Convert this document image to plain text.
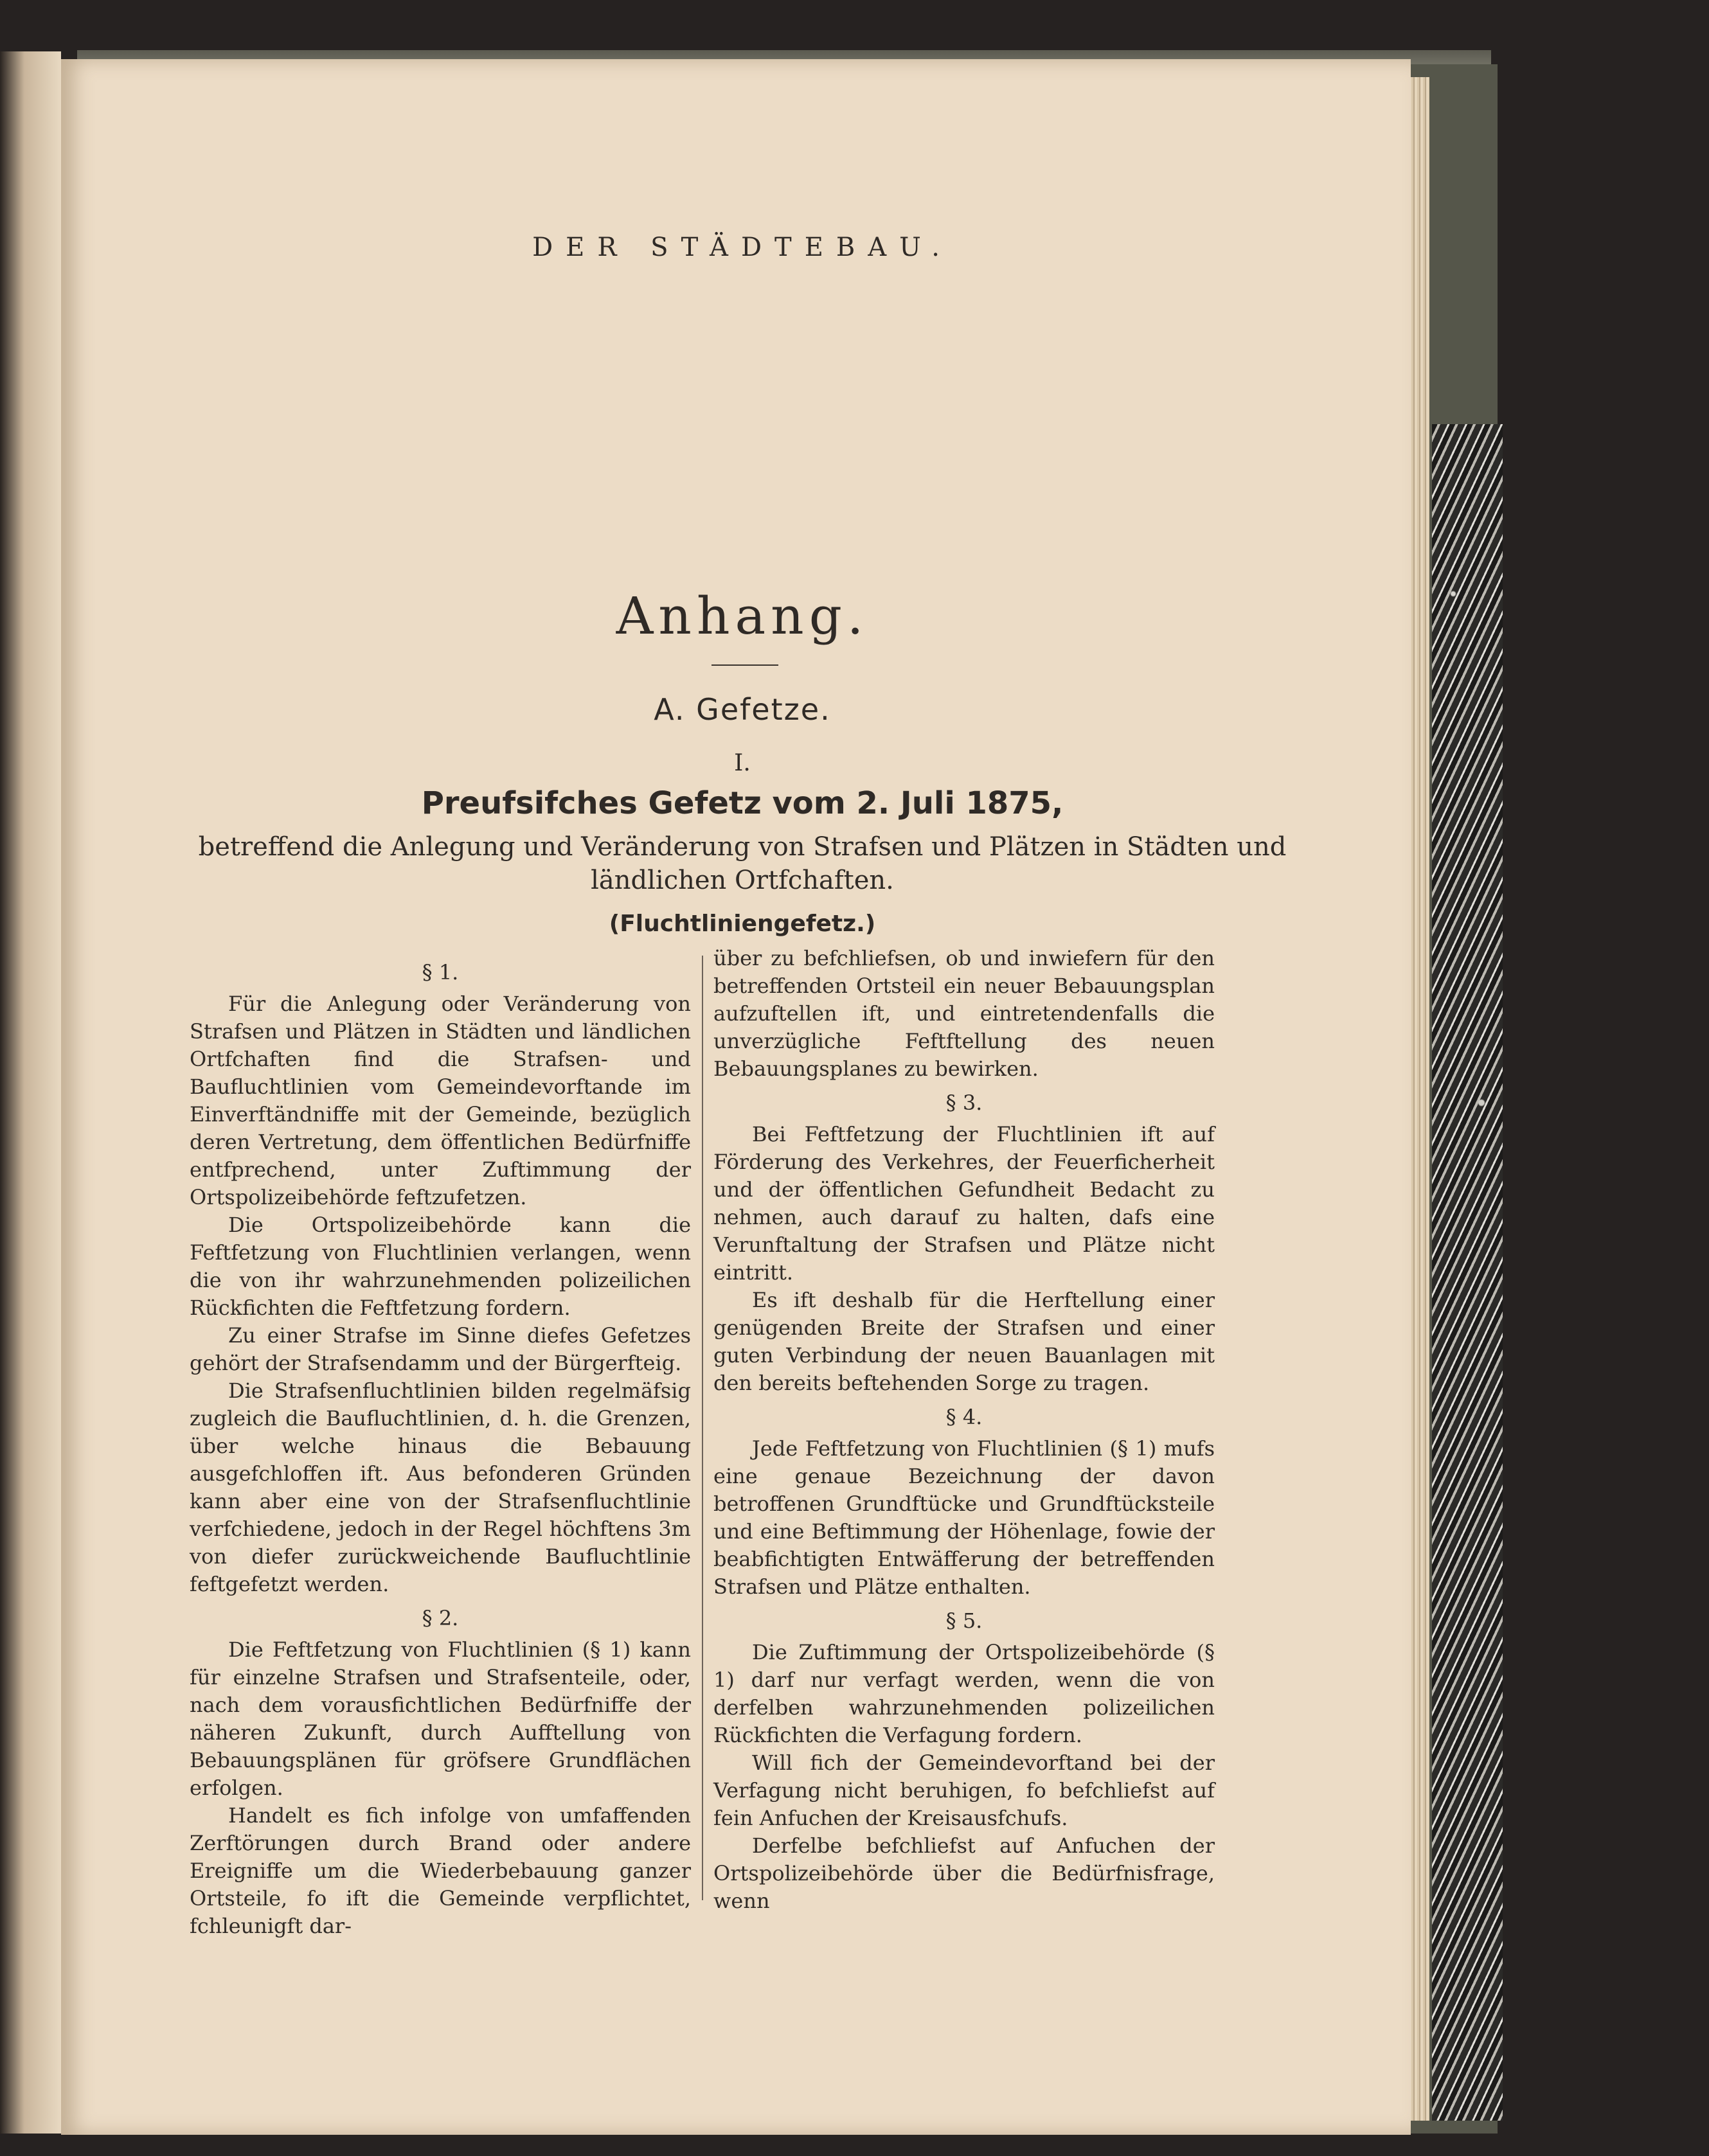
DER STÄDTEBAU.
Anhang.
A. Gefetze.
I.
Preufsifches Gefetz vom 2. Juli 1875,
betreffend die Anlegung und Veränderung von Strafsen und Plätzen in Städten und ländlichen Ortfchaften.
(Fluchtliniengefetz.)
§ 1.

Für die Anlegung oder Veränderung von Strafsen und Plätzen in Städten und ländlichen Ortfchaften find die Strafsen- und Baufluchtlinien vom Gemeindevorftande im Einverftändniffe mit der Gemeinde, bezüglich deren Vertretung, dem öffentlichen Bedürfniffe entfprechend, unter Zuftimmung der Ortspolizeibehörde feftzufetzen.

Die Ortspolizeibehörde kann die Feftfetzung von Fluchtlinien verlangen, wenn die von ihr wahrzunehmenden polizeilichen Rückfichten die Feftfetzung fordern.

Zu einer Strafse im Sinne diefes Gefetzes gehört der Strafsendamm und der Bürgerfteig.

Die Strafsenfluchtlinien bilden regelmäfsig zugleich die Baufluchtlinien, d. h. die Grenzen, über welche hinaus die Bebauung ausgefchloffen ift. Aus befonderen Gründen kann aber eine von der Strafsenfluchtlinie verfchiedene, jedoch in der Regel höchftens 3m von diefer zurückweichende Baufluchtlinie feftgefetzt werden.

§ 2.

Die Feftfetzung von Fluchtlinien (§ 1) kann für einzelne Strafsen und Strafsenteile, oder, nach dem vorausfichtlichen Bedürfniffe der näheren Zukunft, durch Aufftellung von Bebauungsplänen für gröfsere Grundflächen erfolgen.

Handelt es fich infolge von umfaffenden Zerftörungen durch Brand oder andere Ereigniffe um die Wiederbebauung ganzer Ortsteile, fo ift die Gemeinde verpflichtet, fchleunigft dar-

über zu befchliefsen, ob und inwiefern für den betreffenden Ortsteil ein neuer Bebauungsplan aufzuftellen ift, und eintretendenfalls die unverzügliche Feftftellung des neuen Bebauungsplanes zu bewirken.

§ 3.

Bei Feftfetzung der Fluchtlinien ift auf Förderung des Verkehres, der Feuerficherheit und der öffentlichen Gefundheit Bedacht zu nehmen, auch darauf zu halten, dafs eine Verunftaltung der Strafsen und Plätze nicht eintritt.

Es ift deshalb für die Herftellung einer genügenden Breite der Strafsen und einer guten Verbindung der neuen Bauanlagen mit den bereits beftehenden Sorge zu tragen.

§ 4.

Jede Feftfetzung von Fluchtlinien (§ 1) mufs eine genaue Bezeichnung der davon betroffenen Grundftücke und Grundftücksteile und eine Beftimmung der Höhenlage, fowie der beabfichtigten Entwäfferung der betreffenden Strafsen und Plätze enthalten.

§ 5.

Die Zuftimmung der Ortspolizeibehörde (§ 1) darf nur verfagt werden, wenn die von derfelben wahrzunehmenden polizeilichen Rückfichten die Verfagung fordern.

Will fich der Gemeindevorftand bei der Verfagung nicht beruhigen, fo befchliefst auf fein Anfuchen der Kreisausfchufs.

Derfelbe befchliefst auf Anfuchen der Ortspolizeibehörde über die Bedürfnisfrage, wenn
